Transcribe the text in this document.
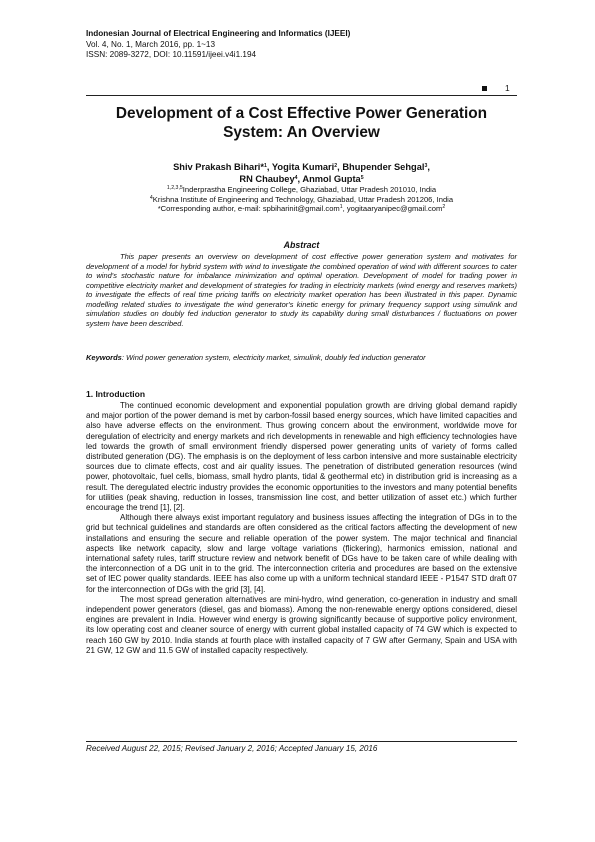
Indonesian Journal of Electrical Engineering and Informatics (IJEEI)
Vol. 4, No. 1, March 2016, pp. 1~13
ISSN: 2089-3272, DOI: 10.11591/ijeei.v4i1.194
1
Development of a Cost Effective Power Generation
System: An Overview
Shiv Prakash Bihari*$^1$, Yogita Kumari$^2$, Bhupender Sehgal$^3$,
RN Chaubey$^4$, Anmol Gupta$^5$
$^{1,2,3,5}$Inderprastha Engineering College, Ghaziabad, Uttar Pradesh 201010, India
$^4$Krishna Institute of Engineering and Technology, Ghaziabad, Uttar Pradesh 201206, India
*Corresponding author, e-mail: spbiharinit@gmail.com$^1$, yogitaaryanipec@gmail.com$^2$
Abstract
This paper presents an overview on development of cost effective power generation system and motivates for development of a model for hybrid system with wind to investigate the combined operation of wind with different sources to cater to wind's stochastic nature for imbalance minimization and optimal operation. Development of model for trading power in competitive electricity market and development of strategies for trading in electricity markets (wind energy and reserves markets) to investigate the effects of real time pricing tariffs on electricity market operation has been illustrated in this paper. Dynamic modelling related studies to investigate the wind generator's kinetic energy for primary frequency support using simulink and simulation studies on doubly fed induction generator to study its capability during small disturbances / fluctuations on power system have been described.
Keywords: Wind power generation system, electricity market, simulink, doubly fed induction generator
1. Introduction

The continued economic development and exponential population growth are driving global demand rapidly and major portion of the power demand is met by carbon-fossil based energy sources, which have limited capacities and also have adverse effects on the environment. Thus growing concern about the environment, worldwide move for deregulation of electricity and energy markets and rich developments in renewable and high efficiency technologies have led towards the growth of small environment friendly dispersed power generating units of variety of forms called distributed generation (DG). The emphasis is on the deployment of less carbon intensive and more sustainable electricity sources due to climate effects, cost and air quality issues. The penetration of distributed generation resources (wind power, photovoltaic, fuel cells, biomass, small hydro plants, tidal & geothermal etc) in distribution grid is increasing as a result. The deregulated electric industry provides the economic opportunities to the investors and many potential benefits for utilities (peak shaving, reduction in losses, transmission line cost, and better utilization of asset etc.) which further encourage the trend [1], [2].

Although there always exist important regulatory and business issues affecting the integration of DGs in to the grid but technical guidelines and standards are often considered as the critical factors affecting the development of new installations and ensuring the secure and reliable operation of the power system. The major technical and financial aspects like network capacity, slow and large voltage variations (flickering), harmonics emission, national and international safety rules, tariff structure review and network benefit of DGs have to be taken care of while dealing with the interconnection of a DG unit in to the grid. The interconnection criteria and procedures are based on the extensive set of IEC power quality standards. IEEE has also come up with a uniform technical standard IEEE - P1547 STD draft 07 for the interconnection of DGs with the grid [3], [4].

The most spread generation alternatives are mini-hydro, wind generation, co-generation in industry and small independent power generators (diesel, gas and biomass). Among the non-renewable energy options considered, diesel engines are prevalent in India. However wind energy is growing significantly because of supportive policy environment, its low operating cost and cleaner source of energy with current global installed capacity of 74 GW which is expected to reach 160 GW by 2010. India stands at fourth place with installed capacity of 7 GW after Germany, Spain and USA with 21 GW, 12 GW and 11.5 GW of installed capacity respectively.

Received August 22, 2015; Revised January 2, 2016; Accepted January 15, 2016
